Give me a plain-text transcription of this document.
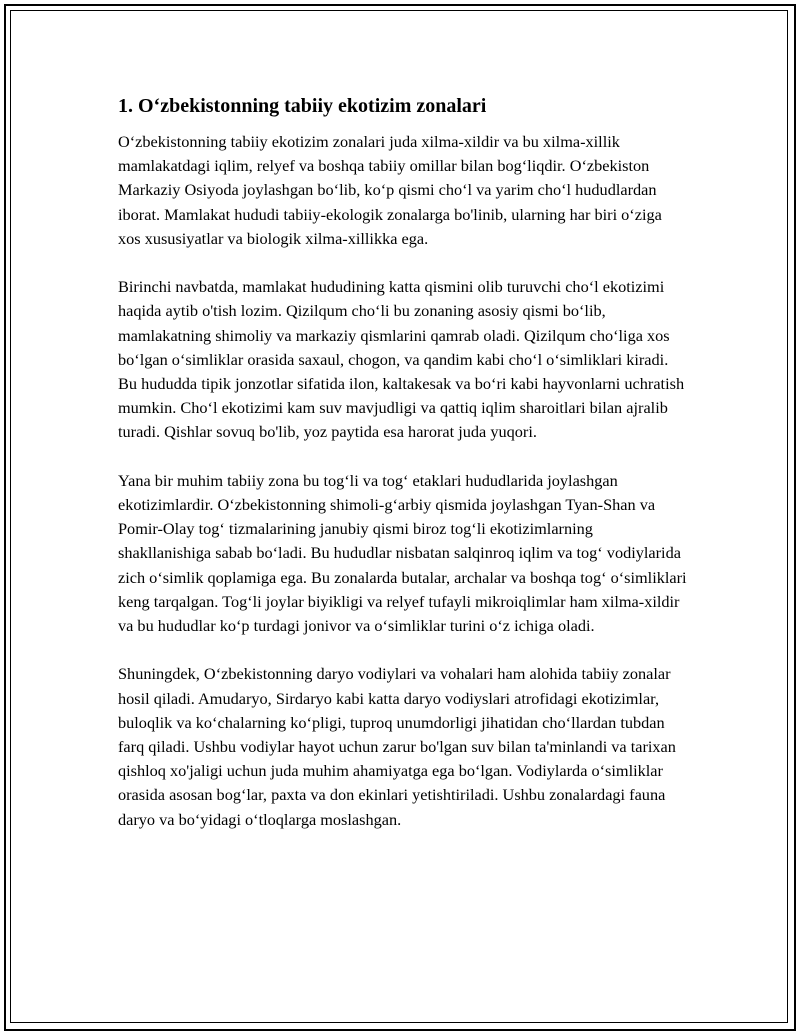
1. O‘zbekistonning tabiiy ekotizim zonalari

O‘zbekistonning tabiiy ekotizim zonalari juda xilma-xildir va bu xilma-xillik mamlakatdagi iqlim, relyef va boshqa tabiiy omillar bilan bog‘liqdir. O‘zbekiston Markaziy Osiyoda joylashgan bo‘lib, ko‘p qismi cho‘l va yarim cho‘l hududlardan iborat. Mamlakat hududi tabiiy-ekologik zonalarga bo'linib, ularning har biri o‘ziga xos xususiyatlar va biologik xilma-xillikka ega.

Birinchi navbatda, mamlakat hududining katta qismini olib turuvchi cho‘l ekotizimi haqida aytib o'tish lozim. Qizilqum cho‘li bu zonaning asosiy qismi bo‘lib, mamlakatning shimoliy va markaziy qismlarini qamrab oladi. Qizilqum cho‘liga xos bo‘lgan o‘simliklar orasida saxaul, chogon, va qandim kabi cho‘l o‘simliklari kiradi. Bu hududda tipik jonzotlar sifatida ilon, kaltakesak va bo‘ri kabi hayvonlarni uchratish mumkin. Cho‘l ekotizimi kam suv mavjudligi va qattiq iqlim sharoitlari bilan ajralib turadi. Qishlar sovuq bo'lib, yoz paytida esa harorat juda yuqori.

Yana bir muhim tabiiy zona bu tog‘li va tog‘ etaklari hududlarida joylashgan ekotizimlardir. O‘zbekistonning shimoli-g‘arbiy qismida joylashgan Tyan-Shan va Pomir-Olay tog‘ tizmalarining janubiy qismi biroz tog‘li ekotizimlarning shakllanishiga sabab bo‘ladi. Bu hududlar nisbatan salqinroq iqlim va tog‘ vodiylarida zich o‘simlik qoplamiga ega. Bu zonalarda butalar, archalar va boshqa tog‘ o‘simliklari keng tarqalgan. Tog‘li joylar biyikligi va relyef tufayli mikroiqlimlar ham xilma-xildir va bu hududlar ko‘p turdagi jonivor va o‘simliklar turini o‘z ichiga oladi.

Shuningdek, O‘zbekistonning daryo vodiylari va vohalari ham alohida tabiiy zonalar hosil qiladi. Amudaryo, Sirdaryo kabi katta daryo vodiyslari atrofidagi ekotizimlar, buloqlik va ko‘chalarning ko‘pligi, tuproq unumdorligi jihatidan cho‘llardan tubdan farq qiladi. Ushbu vodiylar hayot uchun zarur bo'lgan suv bilan ta'minlandi va tarixan qishloq xo'jaligi uchun juda muhim ahamiyatga ega bo‘lgan. Vodiylarda o‘simliklar orasida asosan bog‘lar, paxta va don ekinlari yetishtiriladi. Ushbu zonalardagi fauna daryo va bo‘yidagi o‘tloqlarga moslashgan.
